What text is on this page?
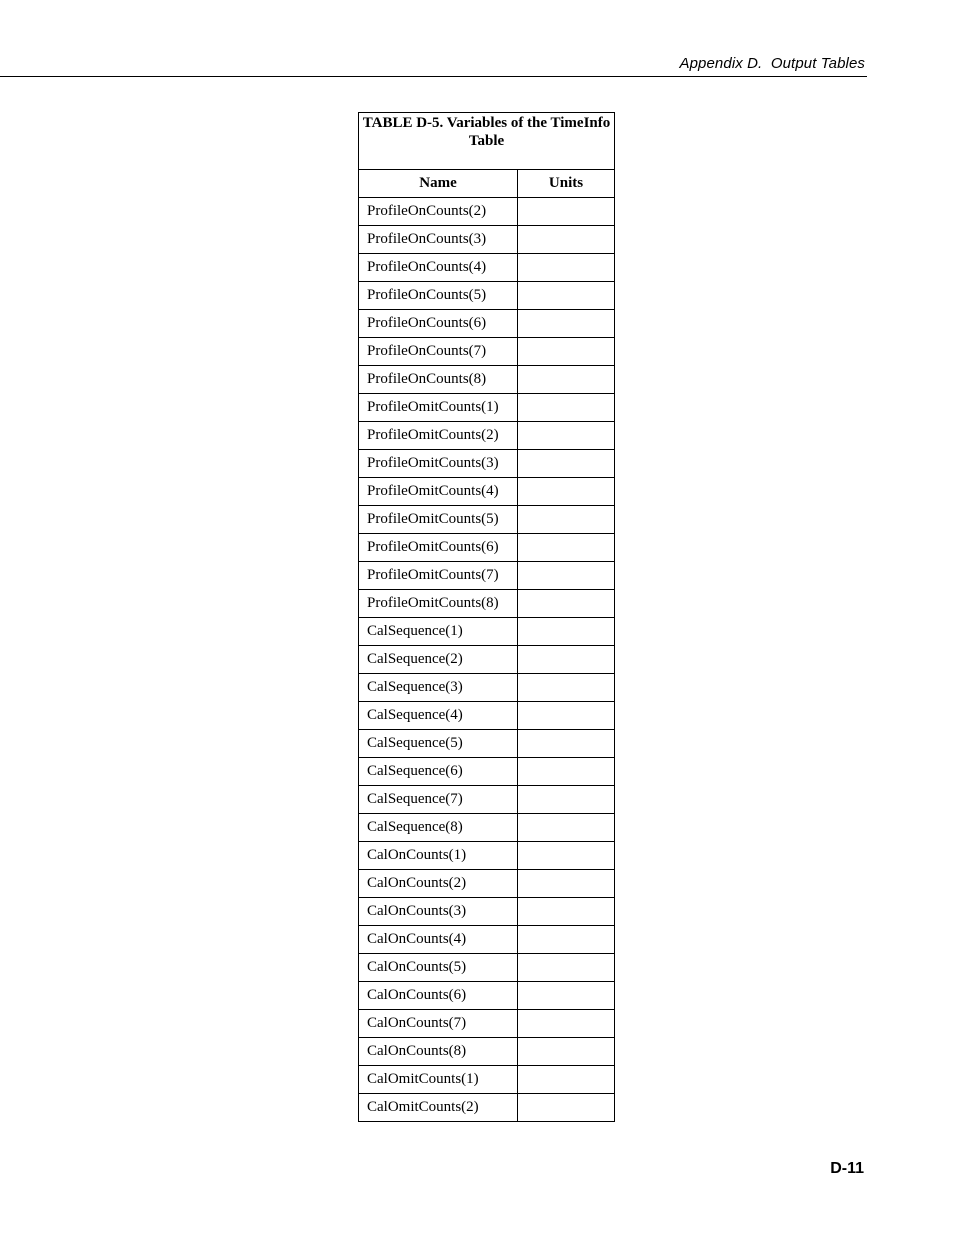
Appendix D.  Output Tables
TABLE D-5. Variables of the TimeInfo Table	
Name	Units
ProfileOnCounts(2)	
ProfileOnCounts(3)	
ProfileOnCounts(4)	
ProfileOnCounts(5)	
ProfileOnCounts(6)	
ProfileOnCounts(7)	
ProfileOnCounts(8)	
ProfileOmitCounts(1)	
ProfileOmitCounts(2)	
ProfileOmitCounts(3)	
ProfileOmitCounts(4)	
ProfileOmitCounts(5)	
ProfileOmitCounts(6)	
ProfileOmitCounts(7)	
ProfileOmitCounts(8)	
CalSequence(1)	
CalSequence(2)	
CalSequence(3)	
CalSequence(4)	
CalSequence(5)	
CalSequence(6)	
CalSequence(7)	
CalSequence(8)	
CalOnCounts(1)	
CalOnCounts(2)	
CalOnCounts(3)	
CalOnCounts(4)	
CalOnCounts(5)	
CalOnCounts(6)	
CalOnCounts(7)	
CalOnCounts(8)	
CalOmitCounts(1)	
CalOmitCounts(2)	
D-11
